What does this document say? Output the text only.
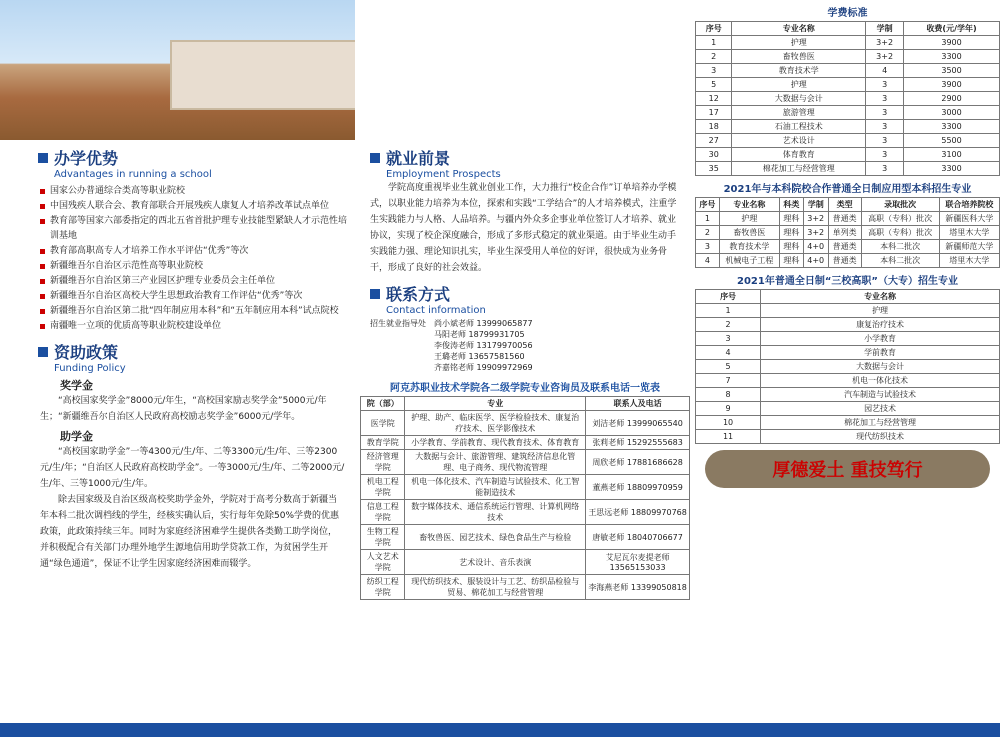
办学优势
Advantages in running a school
国家公办普通综合类高等职业院校
中国残疾人联合会、教育部联合开展残疾人康复人才培养改革试点单位
教育部等国家六部委指定的西北五省首批护理专业技能型紧缺人才示范性培训基地
教育部高职高专人才培养工作水平评估“优秀”等次
新疆维吾尔自治区示范性高等职业院校
新疆维吾尔自治区第三产业园区护理专业委员会主任单位
新疆维吾尔自治区高校大学生思想政治教育工作评估“优秀”等次
新疆维吾尔自治区第二批“四年制应用本科”和“五年制应用本科”试点院校
南疆唯一立项的优质高等职业院校建设单位
资助政策
Funding Policy
奖学金
“高校国家奖学金”8000元/年生，“高校国家励志奖学金”5000元/年生；“新疆维吾尔自治区人民政府高校励志奖学金”6000元/学年。
助学金
“高校国家助学金”一等4300元/生/年、二等3300元/生/年、三等2300元/生/年；“自治区人民政府高校助学金”。一等3000元/生/年、二等2000元/生/年、三等1000元/生/年。
除去国家级及自治区级高校奖助学金外，学院对于高考分数高于新疆当年本科二批次调档线的学生，经核实确认后，实行每年免除50%学费的优惠政策，此政策持续三年。同时为家庭经济困难学生提供各类勤工助学岗位，并积极配合有关部门办理外地学生源地信用助学贷款工作，为贫困学生开通“绿色通道”，保证不让学生因家庭经济困难而辍学。
就业前景
Employment Prospects
学院高度重视毕业生就业创业工作，大力推行“校企合作”订单培养办学模式，以职业能力培养为本位，探索和实践“工学结合”的人才培养模式，注重学生实践能力与人格、人品培养。与疆内外众多企事业单位签订人才培养、就业协议，实现了校企深度融合，形成了多形式稳定的就业渠道。由于毕业生动手实践能力强、理论知识扎实，毕业生深受用人单位的好评，很快成为业务骨干，形成了良好的社会效益。
联系方式
Contact information
招生就业指导处 尚小斌老师 13999065877
马阳老师 18799931705
李俊涛老师 13179970056
王璐老师 13657581560
齐嘉铭老师 19909972969
阿克苏职业技术学院各二级学院专业咨询员及联系电话一览表
院（部）	专业	联系人及电话
医学院	护理、助产、临床医学、医学检验技术、康复治疗技术、医学影像技术	刘洁老师 13999065540
教育学院	小学教育、学前教育、现代教育技术、体育教育	张莉老师 15292555683
经济管理学院	大数据与会计、旅游管理、建筑经济信息化管理、电子商务、现代物流管理	周欣老师 17881686628
机电工程学院	机电一体化技术、汽车制造与试验技术、化工智能制造技术	董燕老师 18809970959
信息工程学院	数字媒体技术、通信系统运行管理、计算机网络技术	王思远老师 18809970768
生物工程学院	畜牧兽医、园艺技术、绿色食品生产与检验	唐敏老师 18040706677
人文艺术学院	艺术设计、音乐表演	艾尼瓦尔麦提老师 13565153033
纺织工程学院	现代纺织技术、服装设计与工艺、纺织品检验与贸易、棉花加工与经营管理	李海燕老师 13399050818
学费标准
序号	专业名称	学制	收费(元/学年)
1	护理	3+2	3900
2	畜牧兽医	3+2	3300
3	教育技术学	4	3500
5	护理	3	3900
12	大数据与会计	3	2900
17	旅游管理	3	3000
18	石油工程技术	3	3300
27	艺术设计	3	5500
30	体育教育	3	3100
35	棉花加工与经营管理	3	3300
2021年与本科院校合作普通全日制应用型本科招生专业
序号	专业名称	科类	学制	类型	录取批次	联合培养院校
1	护理	理科	3+2	普通类	高职（专科）批次	新疆医科大学
2	畜牧兽医	理科	3+2	单列类	高职（专科）批次	塔里木大学
3	教育技术学	理科	4+0	普通类	本科二批次	新疆师范大学
4	机械电子工程	理科	4+0	普通类	本科二批次	塔里木大学
2021年普通全日制“三校高职”（大专）招生专业
序号	专业名称
1	护理
2	康复治疗技术
3	小学教育
4	学前教育
5	大数据与会计
7	机电一体化技术
8	汽车制造与试验技术
9	园艺技术
10	棉花加工与经营管理
11	现代纺织技术
厚德爱土 重技笃行
